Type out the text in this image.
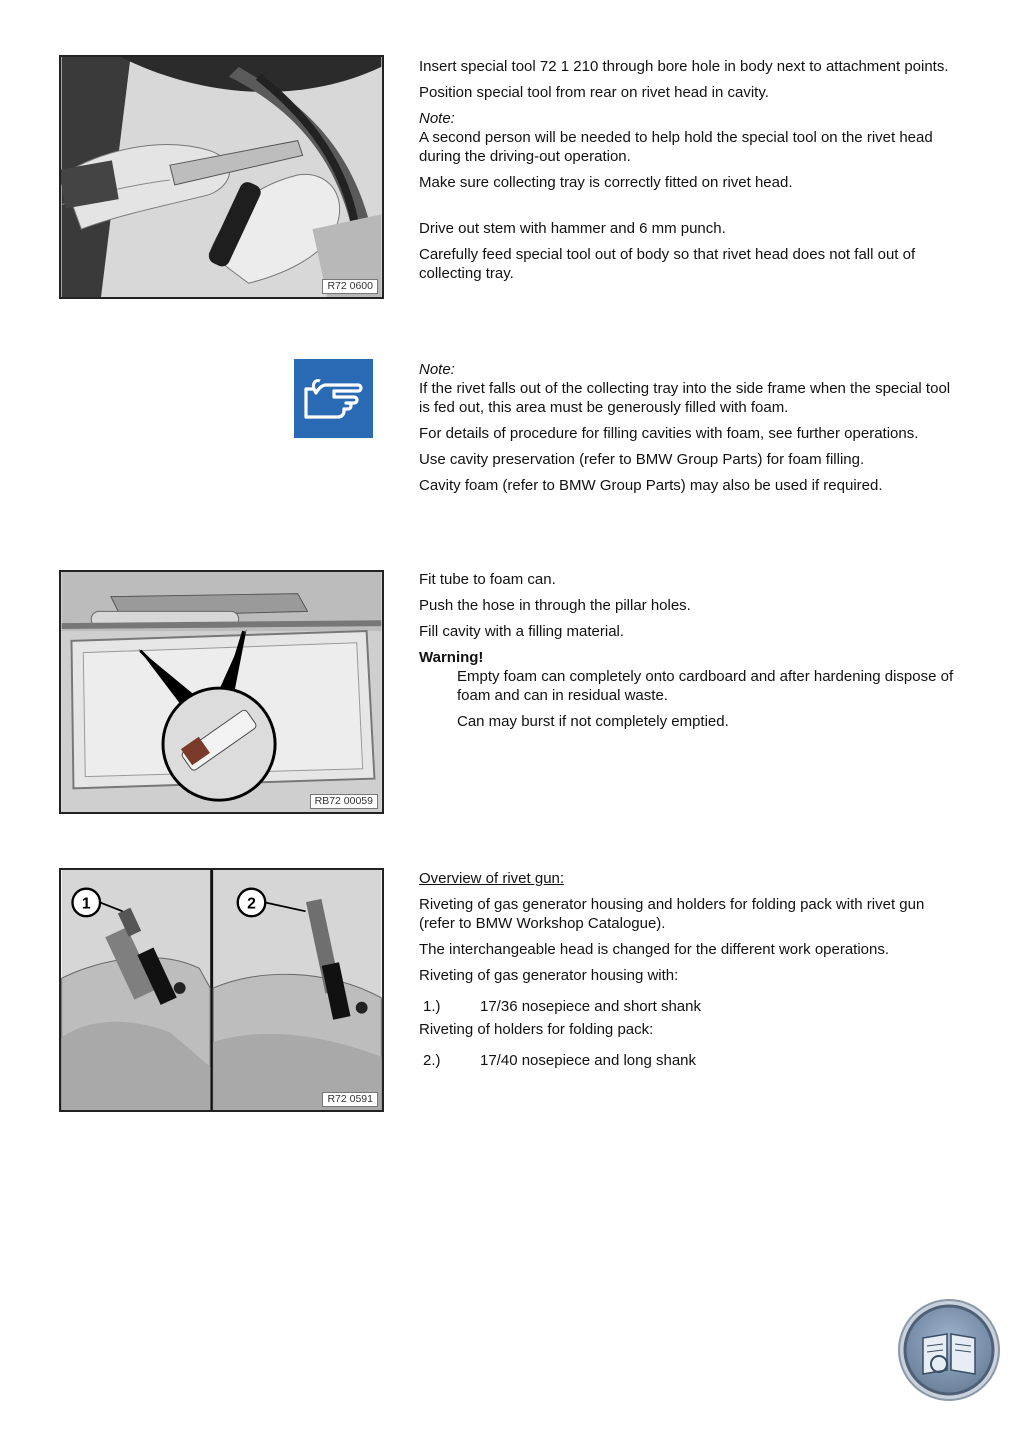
R72 0600

Insert special tool 72 1 210 through bore hole in body next to attachment points.

Position special tool from rear on rivet head in cavity.

Note:

A second person will be needed to help hold the special tool on the rivet head during the driving-out operation.

Make sure collecting tray is correctly fitted on rivet head.

Drive out stem with hammer and 6 mm punch.

Carefully feed special tool out of body so that rivet head does not fall out of collecting tray.

Note:

If the rivet falls out of the collecting tray into the side frame when the special tool is fed out, this area must be generously filled with foam.

For details of procedure for filling cavities with foam, see further operations.

Use cavity preservation (refer to BMW Group Parts) for foam filling.

Cavity foam (refer to BMW Group Parts) may also be used if required.

RB72 00059

Fit tube to foam can.

Push the hose in through the pillar holes.

Fill cavity with a filling material.

Warning!

Empty foam can completely onto cardboard and after hardening dispose of foam and can in residual waste.

Can may burst if not completely emptied.

1	2
R72 0591

Overview of rivet gun:

Riveting of gas generator housing and holders for folding pack with rivet gun (refer to BMW Workshop Catalogue).

The interchangeable head is changed for the different work operations.

Riveting of gas generator housing with:

1.)	17/36 nosepiece and short shank

Riveting of holders for folding pack:

2.)	17/40 nosepiece and long shank
